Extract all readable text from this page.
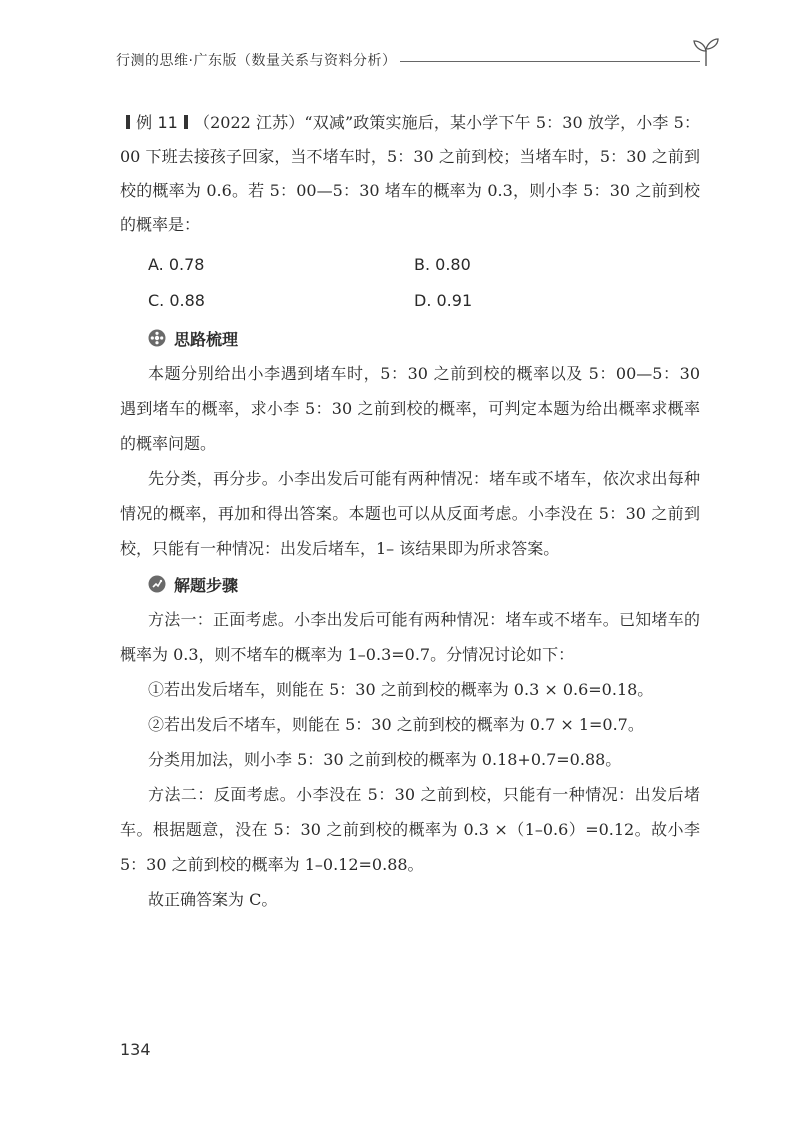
行测的思维·广东版（数量关系与资料分析）

例 11 （2022 江苏）“双减”政策实施后，某小学下午 5：30 放学，小李 5：00 下班去接孩子回家，当不堵车时，5：30 之前到校；当堵车时，5：30 之前到校的概率为 0.6。若 5：00—5：30 堵车的概率为 0.3，则小李 5：30 之前到校的概率是：

A. 0.78	B. 0.80
C. 0.88	D. 0.91
思路梳理

本题分别给出小李遇到堵车时，5：30 之前到校的概率以及 5：00—5：30 遇到堵车的概率，求小李 5：30 之前到校的概率，可判定本题为给出概率求概率的概率问题。

先分类，再分步。小李出发后可能有两种情况：堵车或不堵车，依次求出每种情况的概率，再加和得出答案。本题也可以从反面考虑。小李没在 5：30 之前到校，只能有一种情况：出发后堵车，1– 该结果即为所求答案。

解题步骤

方法一：正面考虑。小李出发后可能有两种情况：堵车或不堵车。已知堵车的概率为 0.3，则不堵车的概率为 1–0.3=0.7。分情况讨论如下：

①若出发后堵车，则能在 5：30 之前到校的概率为 0.3 × 0.6=0.18。

②若出发后不堵车，则能在 5：30 之前到校的概率为 0.7 × 1=0.7。

分类用加法，则小李 5：30 之前到校的概率为 0.18+0.7=0.88。

方法二：反面考虑。小李没在 5：30 之前到校，只能有一种情况：出发后堵车。根据题意，没在 5：30 之前到校的概率为 0.3 ×（1–0.6）=0.12。故小李 5：30 之前到校的概率为 1–0.12=0.88。

故正确答案为 C。

134
